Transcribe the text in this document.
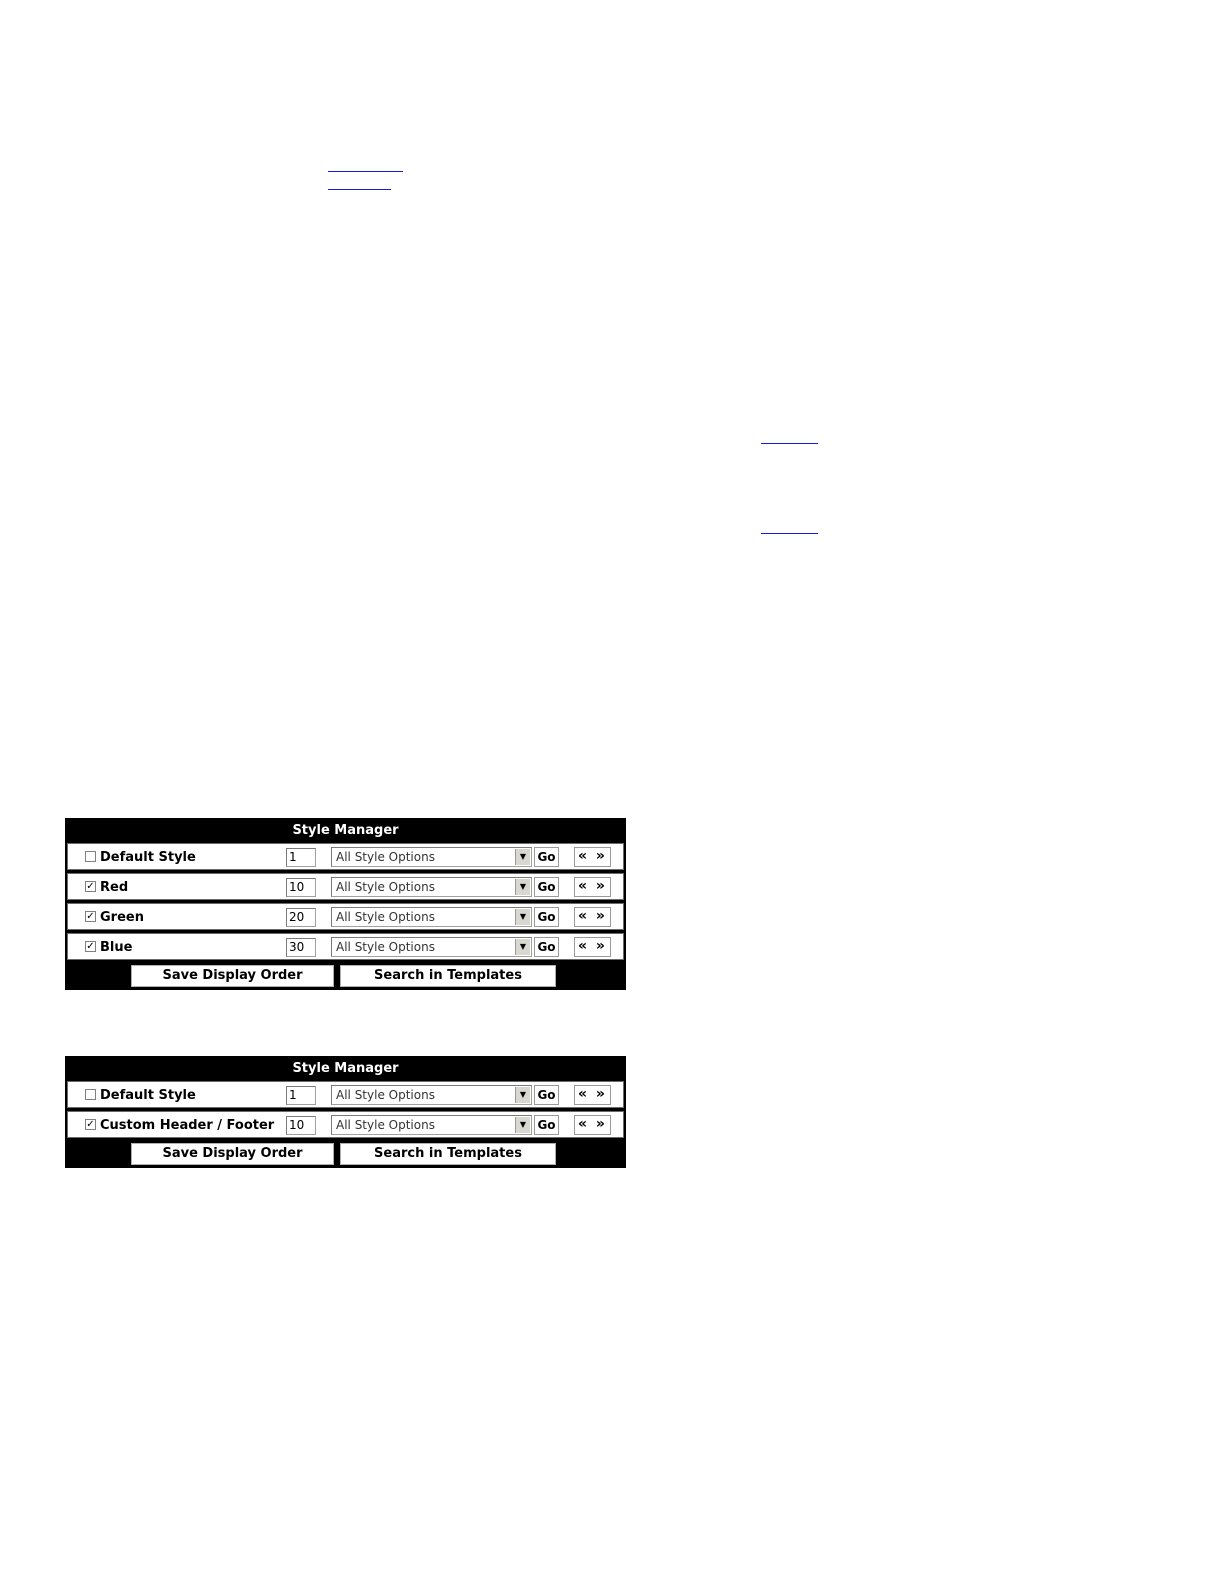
Style Manager
Default Style	1	All Style Options	▼ Go « »
✓ Red	10	All Style Options	▼ Go « »
✓ Green	20	All Style Options	▼ Go « »
✓ Blue	30	All Style Options	▼ Go « »
Save Display Order	Search in Templates
Style Manager
Default Style	1	All Style Options	▼ Go « »
✓ Custom Header / Footer 10	All Style Options	▼ Go « »
Save Display Order	Search in Templates
